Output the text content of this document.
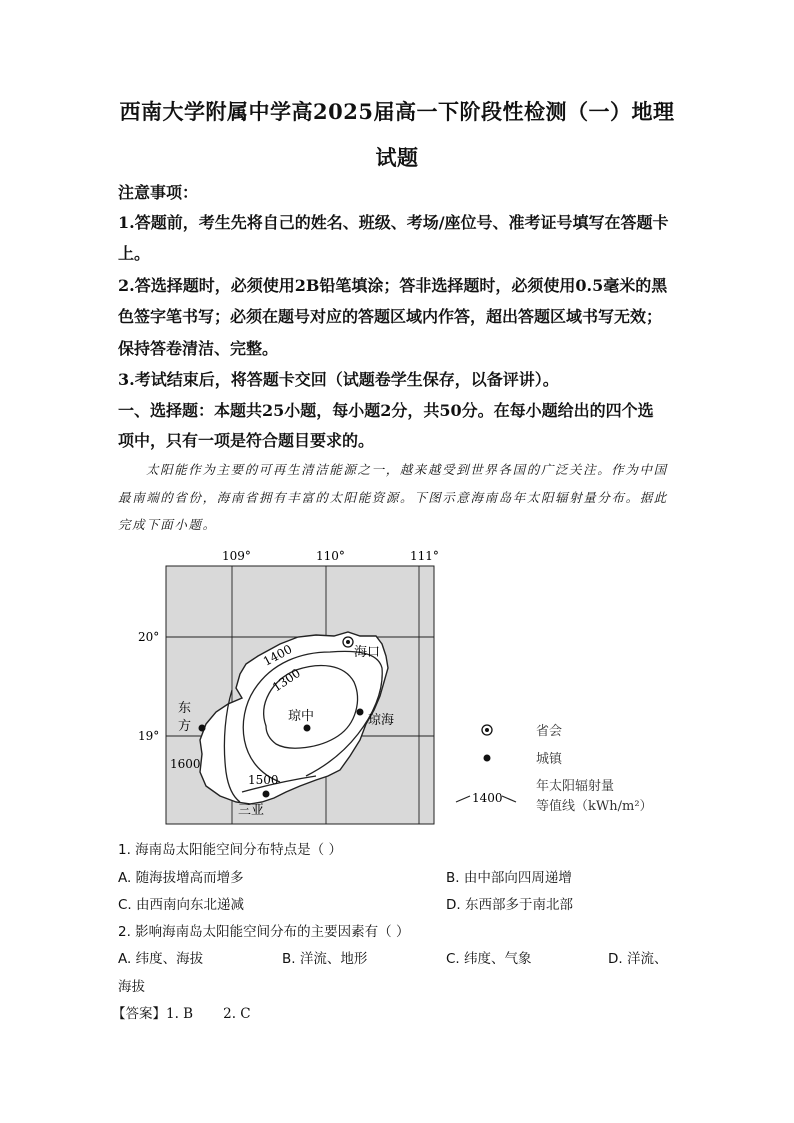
西南大学附属中学高2025届高一下阶段性检测（一）地理
试题
注意事项：
1.答题前，考生先将自己的姓名、班级、考场/座位号、准考证号填写在答题卡
上。
2.答选择题时，必须使用2B铅笔填涂；答非选择题时，必须使用0.5毫米的黑
色签字笔书写；必须在题号对应的答题区域内作答，超出答题区域书写无效；
保持答卷清洁、完整。
3.考试结束后，将答题卡交回（试题卷学生保存，以备评讲）。
一、选择题：本题共25小题，每小题2分，共50分。在每小题给出的四个选
项中，只有一项是符合题目要求的。
太阳能作为主要的可再生清洁能源之一，越来越受到世界各国的广泛关注。作为中国
最南端的省份，海南省拥有丰富的太阳能资源。下图示意海南岛年太阳辐射量分布。据此
完成下面小题。
1400
1300
1500
1600
海口
琼中	琼海
东
方
三亚
109°	110°	111°
20°
19°	省会
城镇
1400
年太阳辐射量
等值线（kWh/m²）
1. 海南岛太阳能空间分布特点是（ ）
A. 随海拔增高而增多	B. 由中部向四周递增
C. 由西南向东北递减	D. 东西部多于南北部
2. 影响海南岛太阳能空间分布的主要因素有（ ）
A. 纬度、海拔	B. 洋流、地形	C. 纬度、气象	D. 洋流、
海拔
【答案】1. B       2. C
